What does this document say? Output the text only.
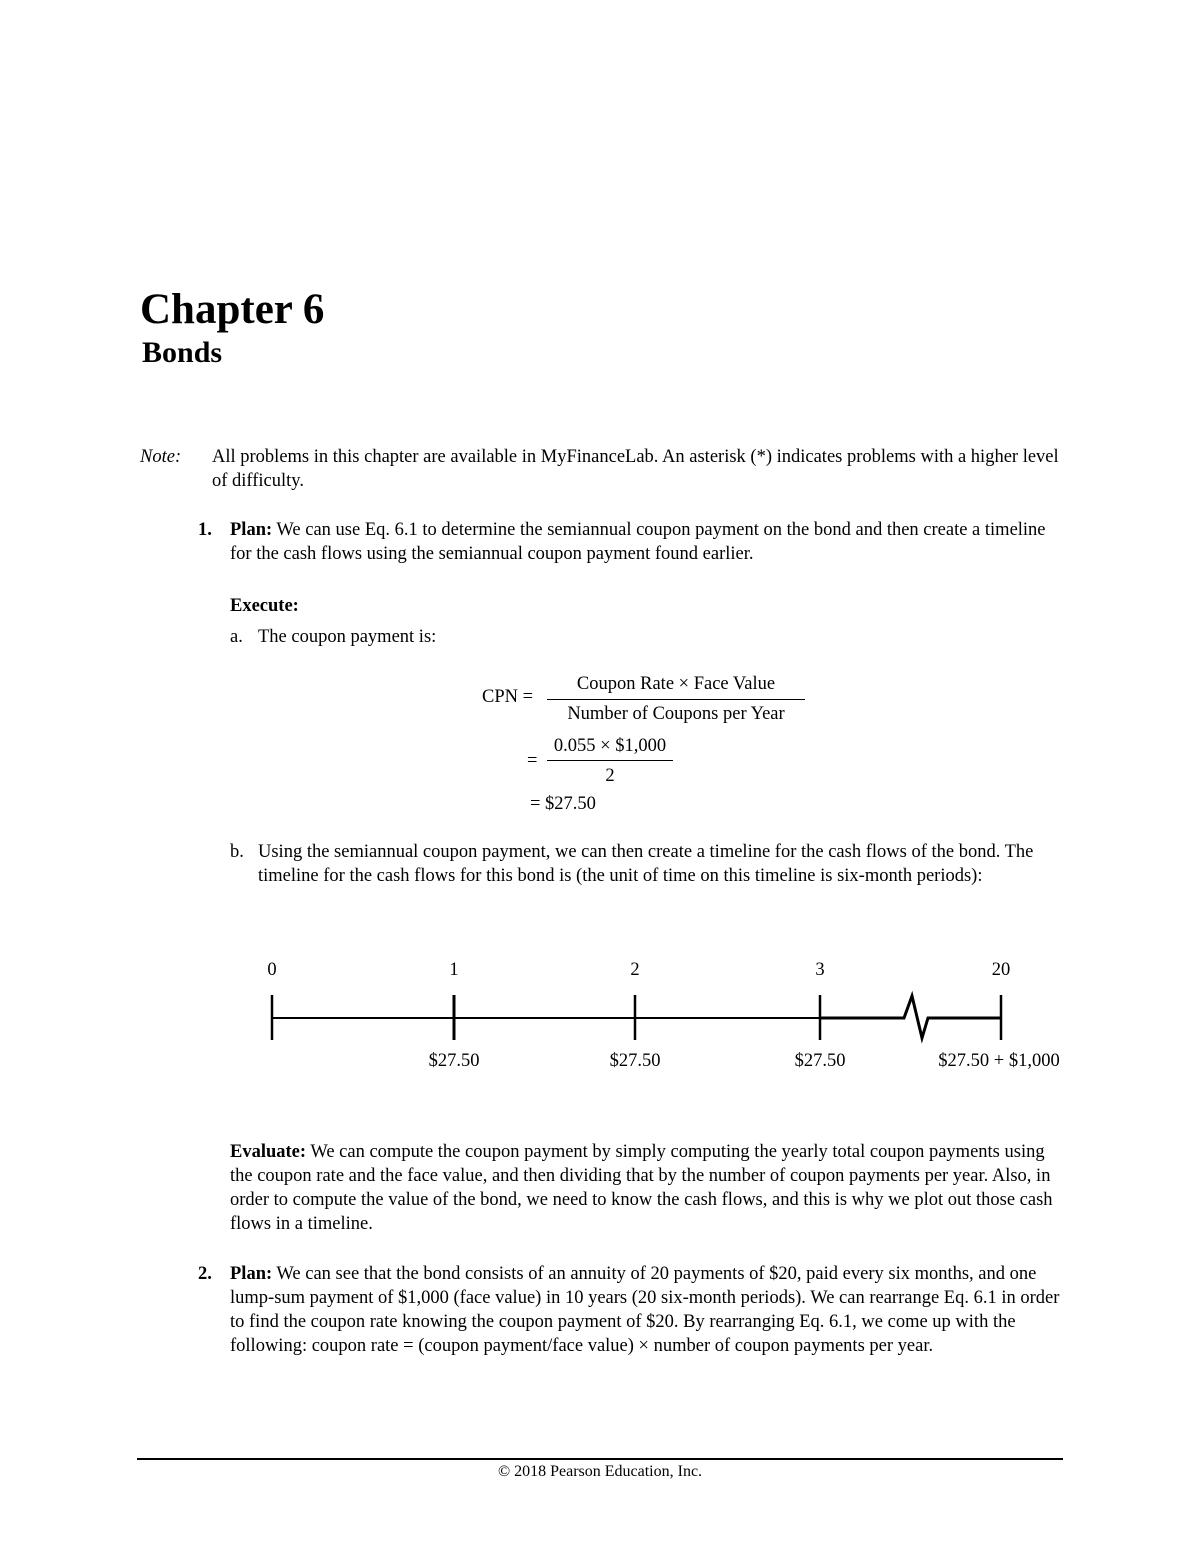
Chapter 6
Bonds
Note: All problems in this chapter are available in MyFinanceLab. An asterisk (*) indicates problems with a higher level of difficulty.
1. Plan: We can use Eq. 6.1 to determine the semiannual coupon payment on the bond and then create a timeline for the cash flows using the semiannual coupon payment found earlier.
Execute:
a. The coupon payment is:
CPN =
Coupon Rate × Face Value
Number of Coupons per Year
=
0.055 × $1,000
2
= $27.50
b. Using the semiannual coupon payment, we can then create a timeline for the cash flows of the bond. The timeline for the cash flows for this bond is (the unit of time on this timeline is six-month periods):
0	1	2	3	20
$27.50	$27.50	$27.50	$27.50 + $1,000
Evaluate: We can compute the coupon payment by simply computing the yearly total coupon payments using the coupon rate and the face value, and then dividing that by the number of coupon payments per year. Also, in order to compute the value of the bond, we need to know the cash flows, and this is why we plot out those cash flows in a timeline.
2. Plan: We can see that the bond consists of an annuity of 20 payments of $20, paid every six months, and one lump-sum payment of $1,000 (face value) in 10 years (20 six-month periods). We can rearrange Eq. 6.1 in order to find the coupon rate knowing the coupon payment of $20. By rearranging Eq. 6.1, we come up with the following: coupon rate = (coupon payment/face value) × number of coupon payments per year.
© 2018 Pearson Education, Inc.
